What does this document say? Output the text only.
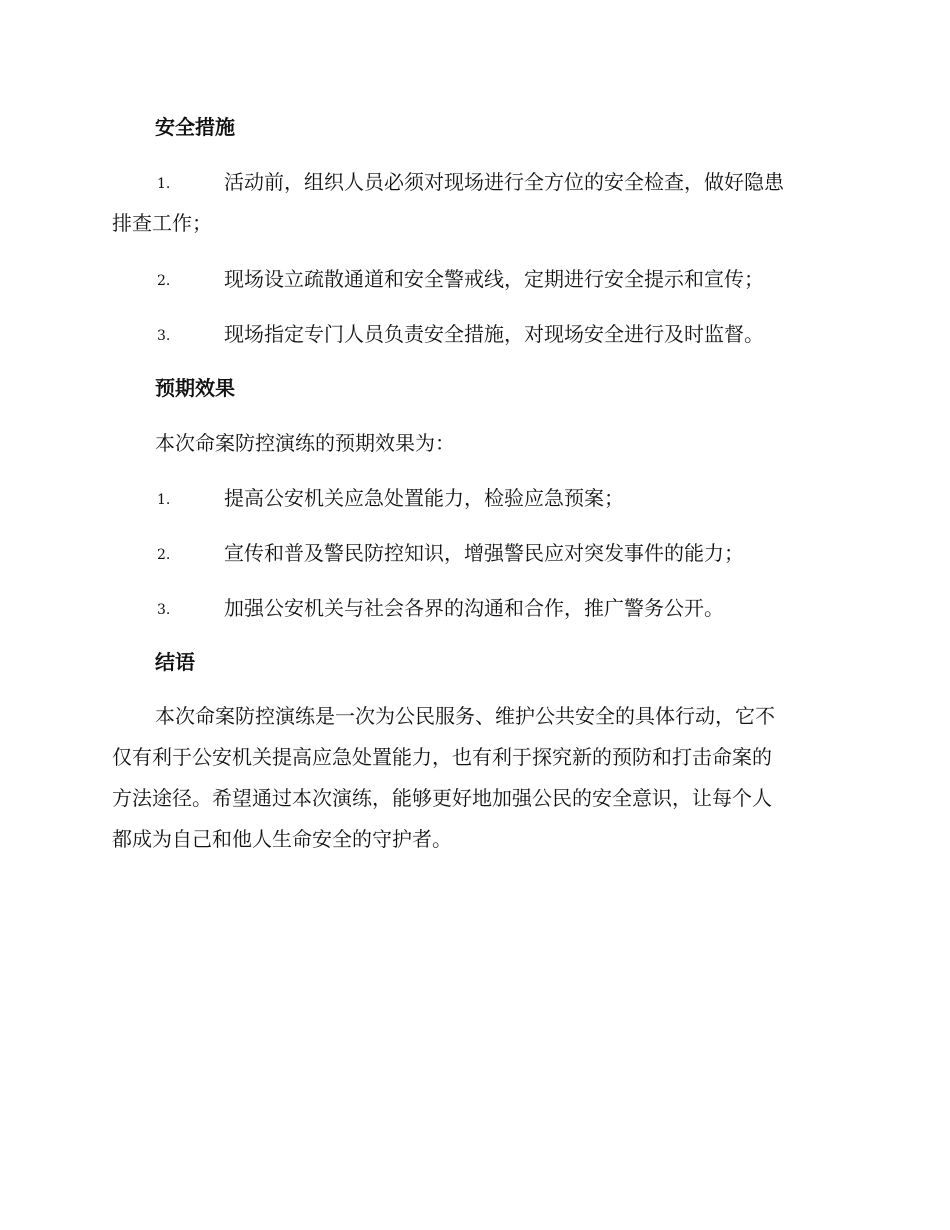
安全措施
1.	活动前，组织人员必须对现场进行全方位的安全检查，做好隐患
排查工作；
2.	现场设立疏散通道和安全警戒线，定期进行安全提示和宣传；
3.	现场指定专门人员负责安全措施，对现场安全进行及时监督。
预期效果

本次命案防控演练的预期效果为：

1.	提高公安机关应急处置能力，检验应急预案；
2.	宣传和普及警民防控知识，增强警民应对突发事件的能力；
3.	加强公安机关与社会各界的沟通和合作，推广警务公开。
结语

本次命案防控演练是一次为公民服务、维护公共安全的具体行动，它不
仅有利于公安机关提高应急处置能力，也有利于探究新的预防和打击命案的
方法途径。希望通过本次演练，能够更好地加强公民的安全意识，让每个人
都成为自己和他人生命安全的守护者。
